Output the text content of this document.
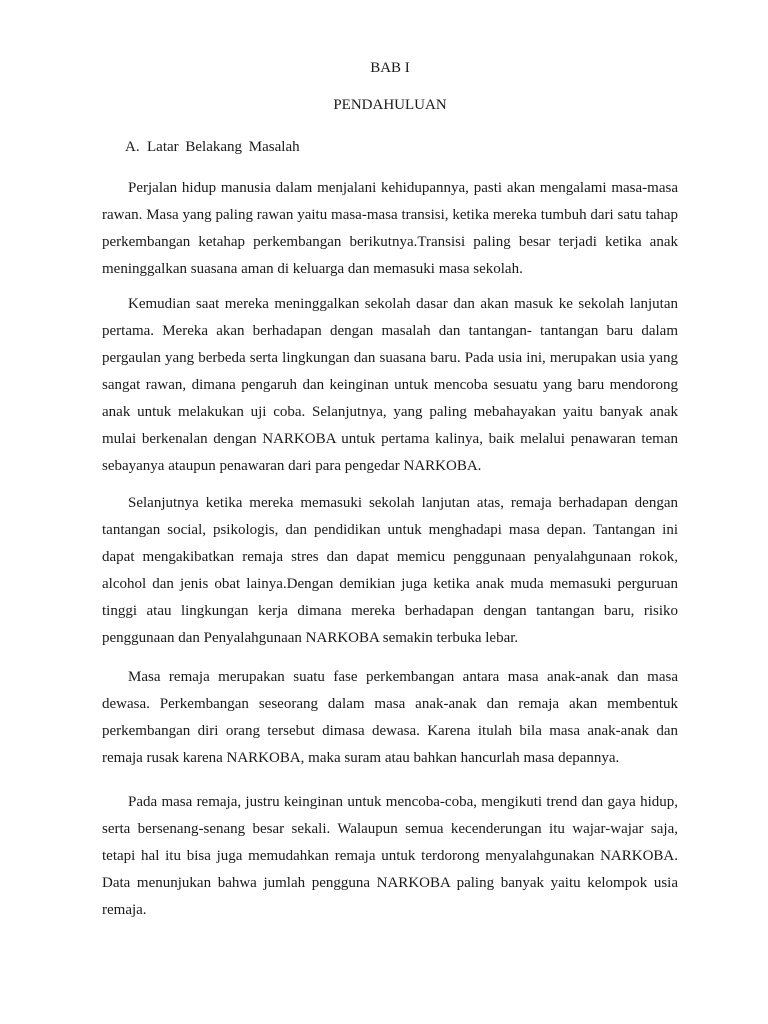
BAB I
PENDAHULUAN
A. Latar Belakang Masalah

Perjalan hidup manusia dalam menjalani kehidupannya, pasti akan mengalami masa-masa rawan. Masa yang paling rawan yaitu masa-masa transisi, ketika mereka tumbuh dari satu tahap perkembangan ketahap perkembangan berikutnya.Transisi paling besar terjadi ketika anak meninggalkan suasana aman di keluarga dan memasuki masa sekolah.

Kemudian saat mereka meninggalkan sekolah dasar dan akan masuk ke sekolah lanjutan pertama. Mereka akan berhadapan dengan masalah dan tantangan- tantangan baru dalam pergaulan yang berbeda serta lingkungan dan suasana baru. Pada usia ini, merupakan usia yang sangat rawan, dimana pengaruh dan keinginan untuk mencoba sesuatu yang baru mendorong anak untuk melakukan uji coba. Selanjutnya, yang paling mebahayakan yaitu banyak anak mulai berkenalan dengan NARKOBA untuk pertama kalinya, baik melalui penawaran teman sebayanya ataupun penawaran dari para pengedar NARKOBA.

Selanjutnya ketika mereka memasuki sekolah lanjutan atas, remaja berhadapan dengan tantangan social, psikologis, dan pendidikan untuk menghadapi masa depan. Tantangan ini dapat mengakibatkan remaja stres dan dapat memicu penggunaan penyalahgunaan rokok, alcohol dan jenis obat lainya.Dengan demikian juga ketika anak muda memasuki perguruan tinggi atau lingkungan kerja dimana mereka berhadapan dengan tantangan baru, risiko penggunaan dan Penyalahgunaan NARKOBA semakin terbuka lebar.

Masa remaja merupakan suatu fase perkembangan antara masa anak-anak dan masa dewasa. Perkembangan seseorang dalam masa anak-anak dan remaja akan membentuk perkembangan diri orang tersebut dimasa dewasa. Karena itulah bila masa anak-anak dan remaja rusak karena NARKOBA, maka suram atau bahkan hancurlah masa depannya.

Pada masa remaja, justru keinginan untuk mencoba-coba, mengikuti trend dan gaya hidup, serta bersenang-senang besar sekali. Walaupun semua kecenderungan itu wajar-wajar saja, tetapi hal itu bisa juga memudahkan remaja untuk terdorong menyalahgunakan NARKOBA. Data menunjukan bahwa jumlah pengguna NARKOBA paling banyak yaitu kelompok usia remaja.
